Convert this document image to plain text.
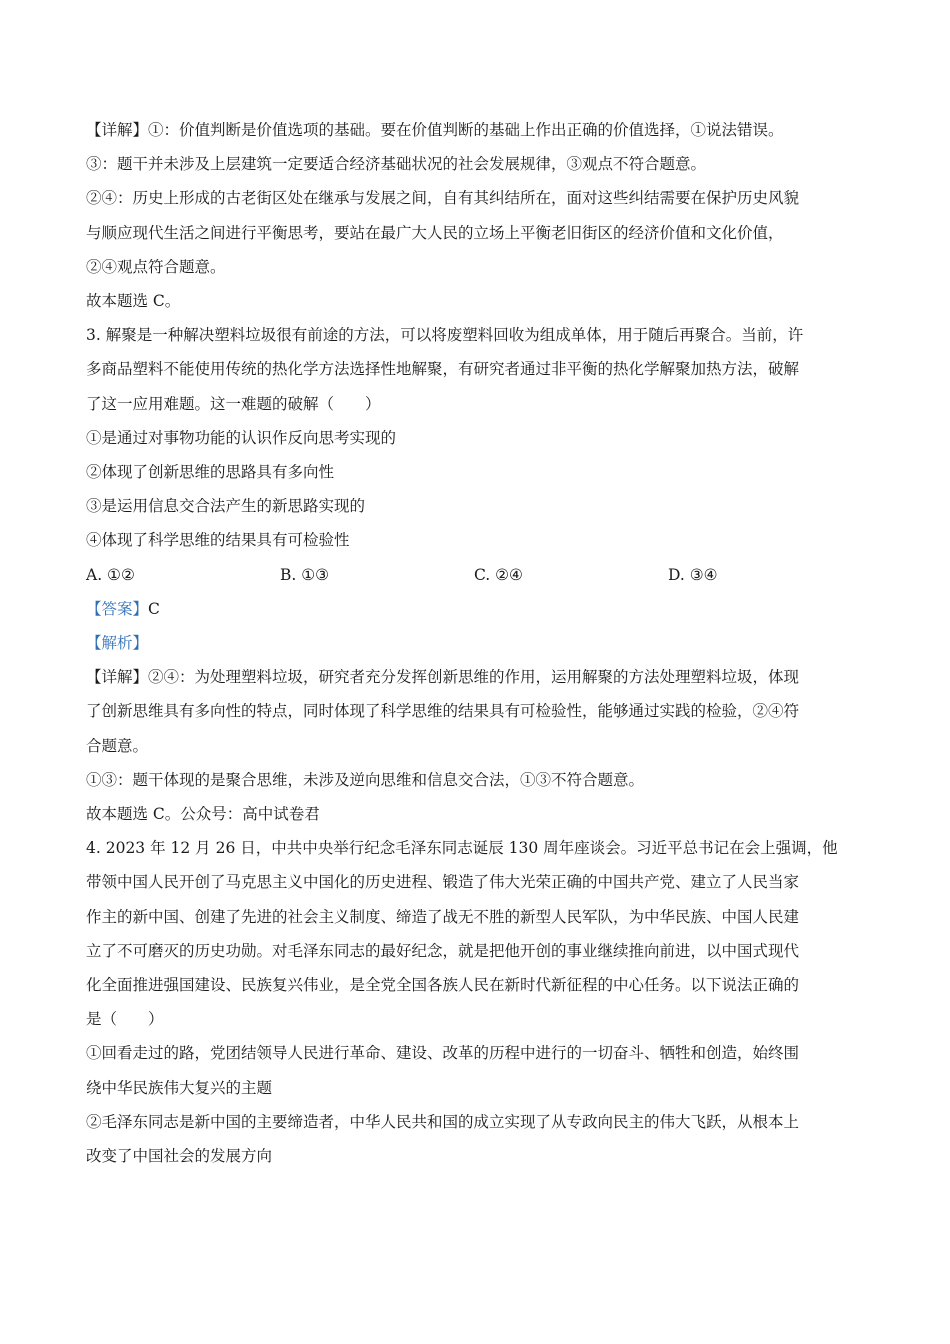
【详解】①：价值判断是价值选项的基础。要在价值判断的基础上作出正确的价值选择，①说法错误。
③：题干并未涉及上层建筑一定要适合经济基础状况的社会发展规律，③观点不符合题意。
②④：历史上形成的古老街区处在继承与发展之间，自有其纠结所在，面对这些纠结需要在保护历史风貌
与顺应现代生活之间进行平衡思考，要站在最广大人民的立场上平衡老旧街区的经济价值和文化价值，
②④观点符合题意。
故本题选 C。
3. 解聚是一种解决塑料垃圾很有前途的方法，可以将废塑料回收为组成单体，用于随后再聚合。当前，许
多商品塑料不能使用传统的热化学方法选择性地解聚，有研究者通过非平衡的热化学解聚加热方法，破解
了这一应用难题。这一难题的破解（　　）
①是通过对事物功能的认识作反向思考实现的
②体现了创新思维的思路具有多向性
③是运用信息交合法产生的新思路实现的
④体现了科学思维的结果具有可检验性
A. ①②	B. ①③	C. ②④	D. ③④
【答案】C
【解析】
【详解】②④：为处理塑料垃圾，研究者充分发挥创新思维的作用，运用解聚的方法处理塑料垃圾，体现
了创新思维具有多向性的特点，同时体现了科学思维的结果具有可检验性，能够通过实践的检验，②④符
合题意。
①③：题干体现的是聚合思维，未涉及逆向思维和信息交合法，①③不符合题意。
故本题选 C。公众号：高中试卷君
4. 2023 年 12 月 26 日，中共中央举行纪念毛泽东同志诞辰 130 周年座谈会。习近平总书记在会上强调，他
带领中国人民开创了马克思主义中国化的历史进程、锻造了伟大光荣正确的中国共产党、建立了人民当家
作主的新中国、创建了先进的社会主义制度、缔造了战无不胜的新型人民军队，为中华民族、中国人民建
立了不可磨灭的历史功勋。对毛泽东同志的最好纪念，就是把他开创的事业继续推向前进，以中国式现代
化全面推进强国建设、民族复兴伟业，是全党全国各族人民在新时代新征程的中心任务。以下说法正确的
是（　　）
①回看走过的路，党团结领导人民进行革命、建设、改革的历程中进行的一切奋斗、牺牲和创造，始终围
绕中华民族伟大复兴的主题
②毛泽东同志是新中国的主要缔造者，中华人民共和国的成立实现了从专政向民主的伟大飞跃，从根本上
改变了中国社会的发展方向
